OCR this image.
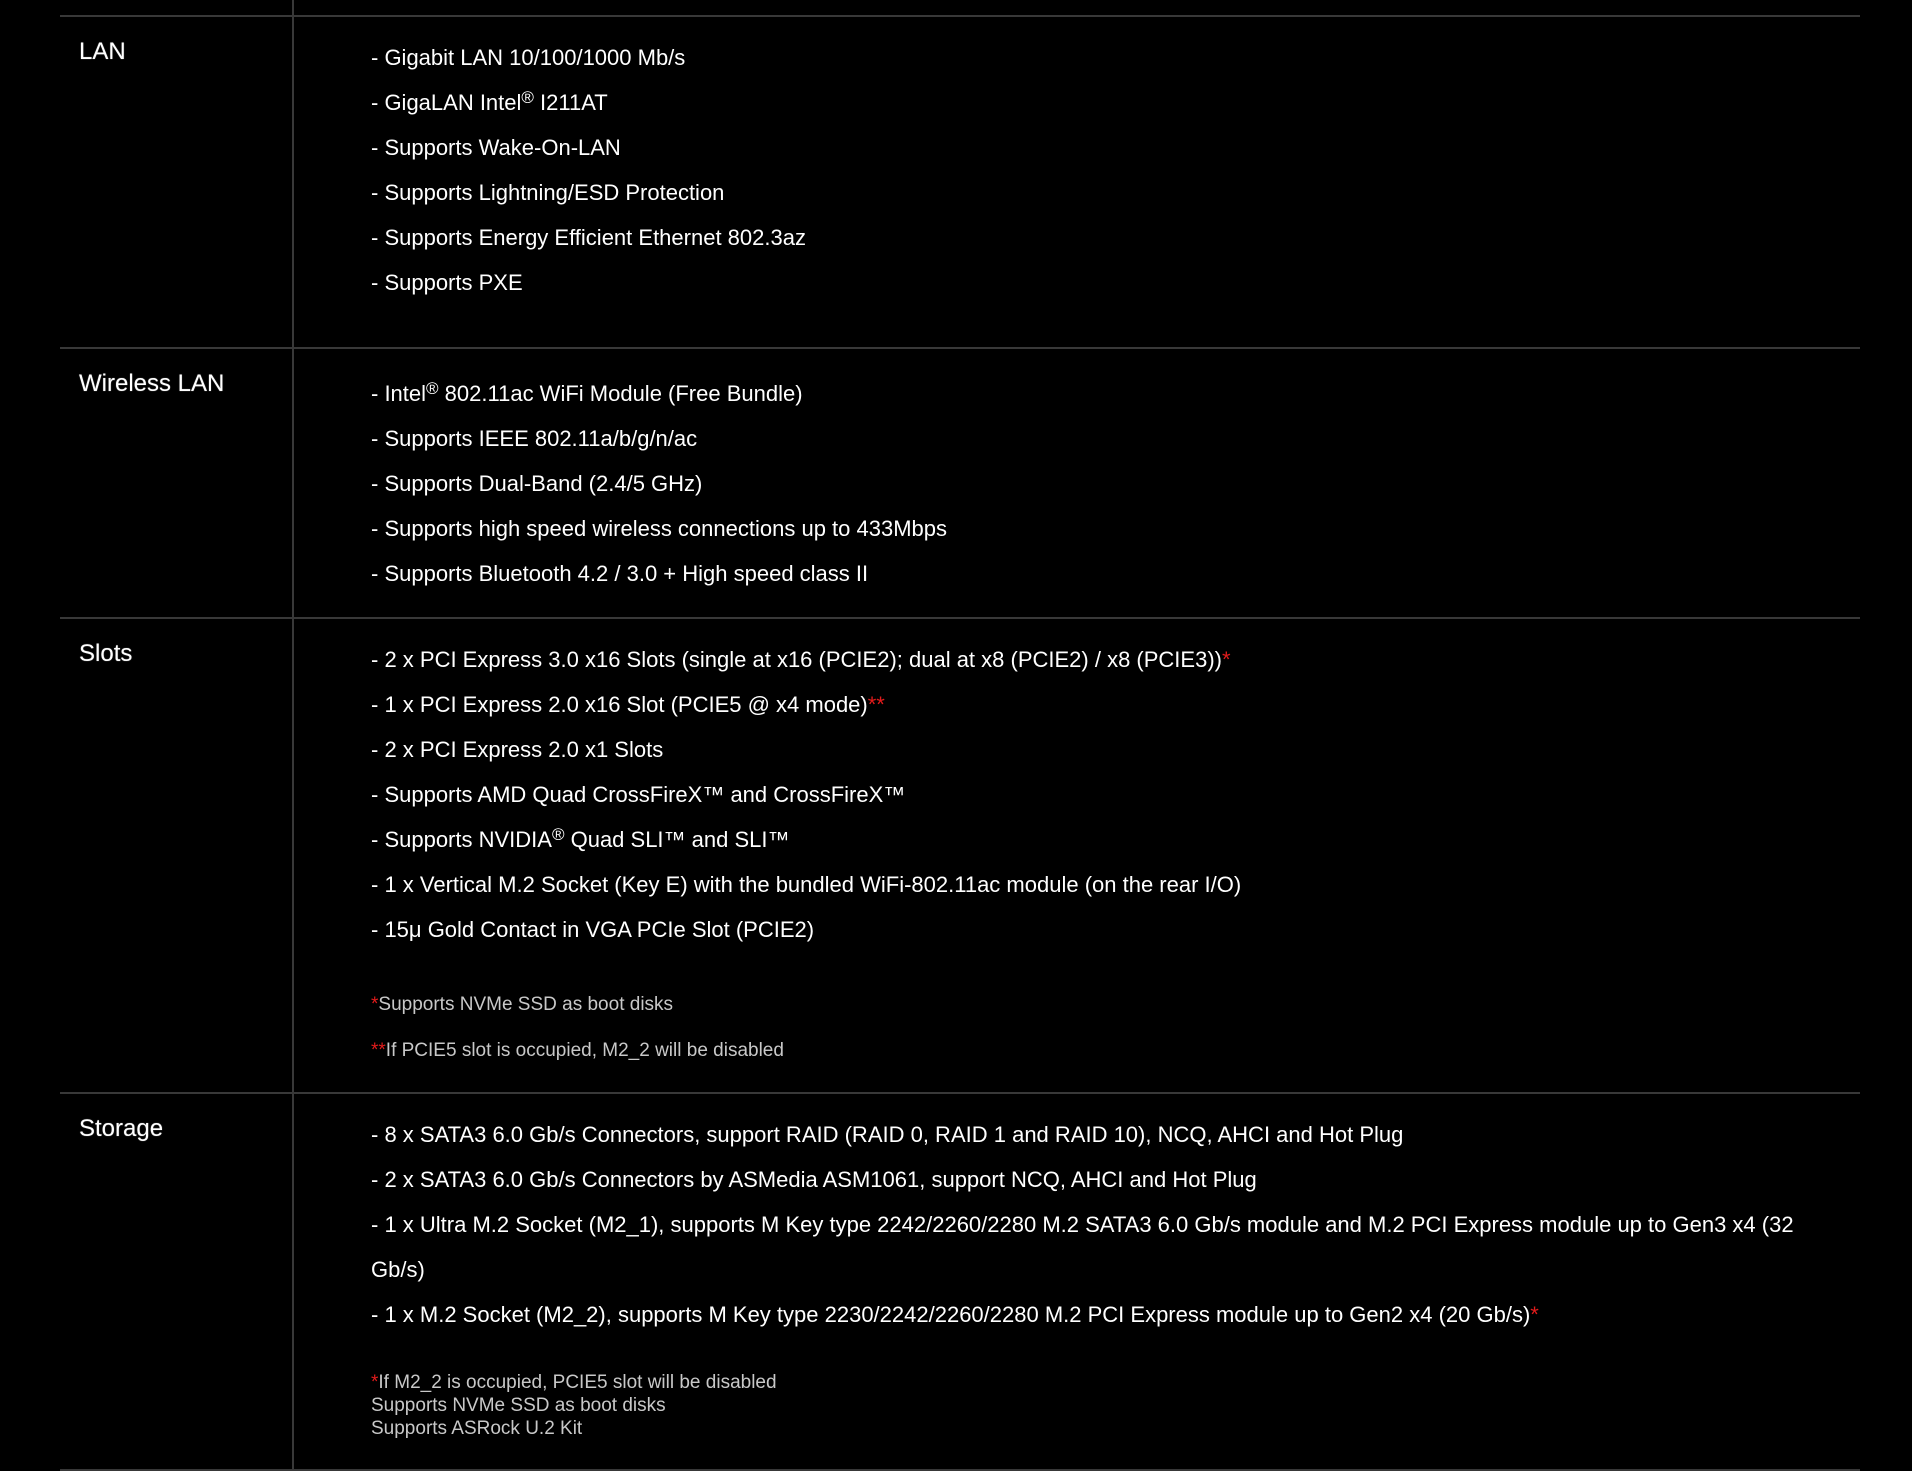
LAN	- Gigabit LAN 10/100/1000 Mb/s
- GigaLAN Intel® I211AT
- Supports Wake-On-LAN
- Supports Lightning/ESD Protection
- Supports Energy Efficient Ethernet 802.3az
- Supports PXE
Wireless LAN	- Intel® 802.11ac WiFi Module (Free Bundle)
- Supports IEEE 802.11a/b/g/n/ac
- Supports Dual-Band (2.4/5 GHz)
- Supports high speed wireless connections up to 433Mbps
- Supports Bluetooth 4.2 / 3.0 + High speed class II
Slots	- 2 x PCI Express 3.0 x16 Slots (single at x16 (PCIE2); dual at x8 (PCIE2) / x8 (PCIE3))*
- 1 x PCI Express 2.0 x16 Slot (PCIE5 @ x4 mode)**
- 2 x PCI Express 2.0 x1 Slots
- Supports AMD Quad CrossFireX™ and CrossFireX™
- Supports NVIDIA® Quad SLI™ and SLI™
- 1 x Vertical M.2 Socket (Key E) with the bundled WiFi-802.11ac module (on the rear I/O)
- 15μ Gold Contact in VGA PCIe Slot (PCIE2)
*Supports NVMe SSD as boot disks
**If PCIE5 slot is occupied, M2_2 will be disabled
Storage	- 8 x SATA3 6.0 Gb/s Connectors, support RAID (RAID 0, RAID 1 and RAID 10), NCQ, AHCI and Hot Plug
- 2 x SATA3 6.0 Gb/s Connectors by ASMedia ASM1061, support NCQ, AHCI and Hot Plug
- 1 x Ultra M.2 Socket (M2_1), supports M Key type 2242/2260/2280 M.2 SATA3 6.0 Gb/s module and M.2 PCI Express module up to Gen3 x4 (32 Gb/s)
- 1 x M.2 Socket (M2_2), supports M Key type 2230/2242/2260/2280 M.2 PCI Express module up to Gen2 x4 (20 Gb/s)*
*If M2_2 is occupied, PCIE5 slot will be disabled
Supports NVMe SSD as boot disks
Supports ASRock U.2 Kit
